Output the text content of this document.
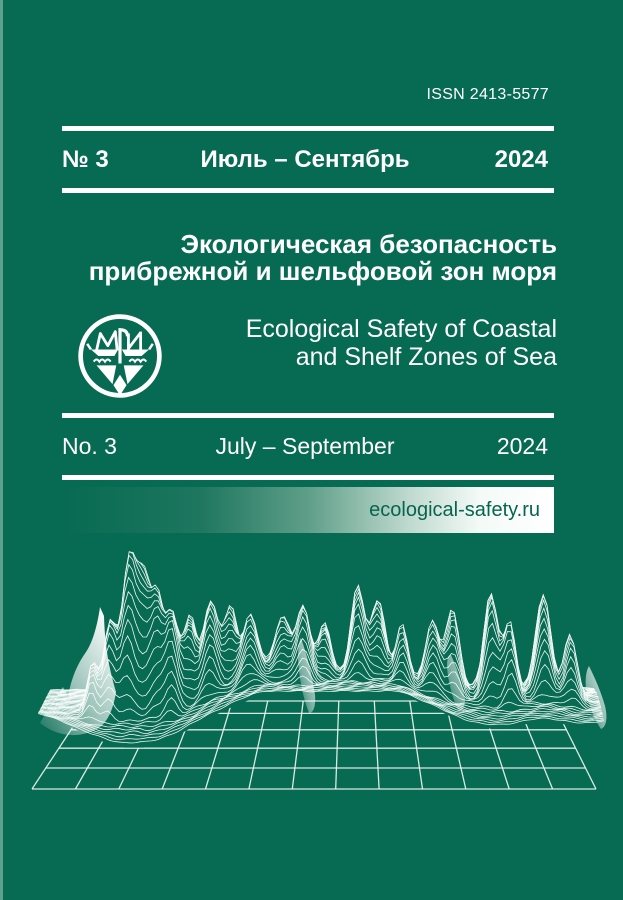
ISSN 2413-5577
№ 3	Июль – Сентябрь	2024
Экологическая безопасность
прибрежной и шельфовой зон моря
Ecological Safety of Coastal
and Shelf Zones of Sea
No. 3	July – September	2024
ecological-safety.ru
